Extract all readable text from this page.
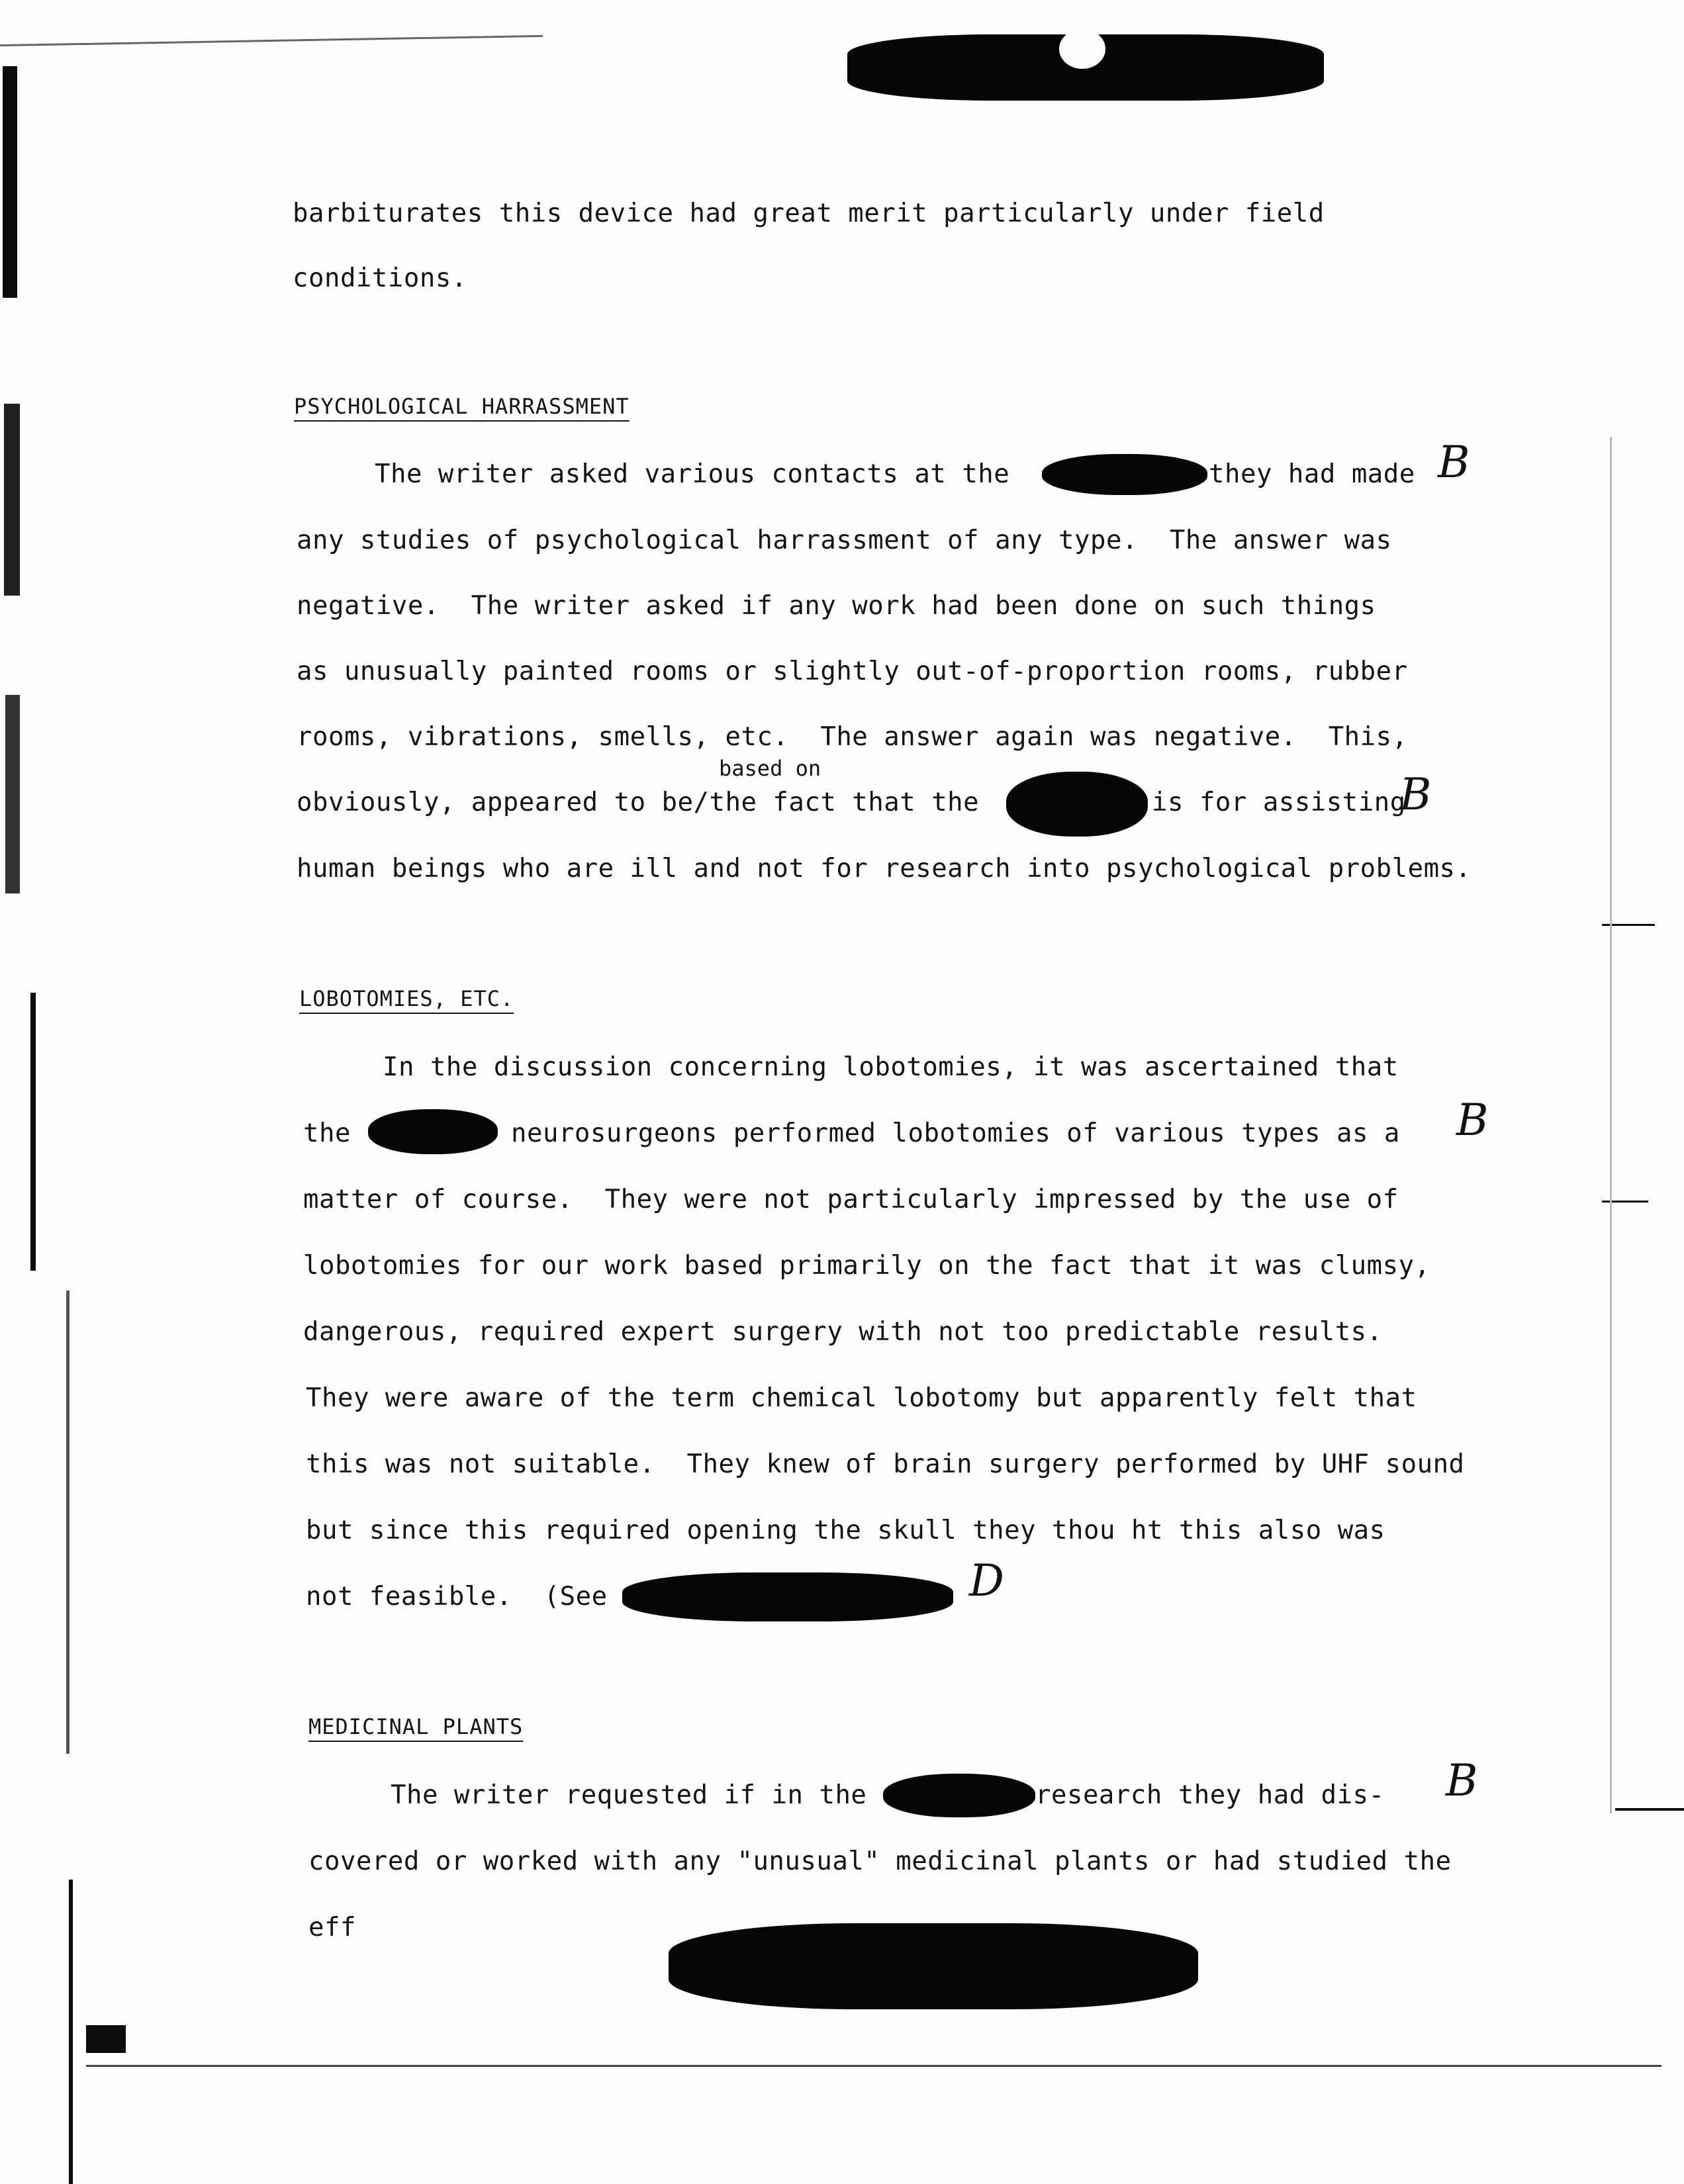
barbiturates this device had great merit particularly under field
conditions.
PSYCHOLOGICAL HARRASSMENT
The writer asked various contacts at the	they had made
any studies of psychological harrassment of any type.  The answer was
negative.  The writer asked if any work had been done on such things
as unusually painted rooms or slightly out-of-proportion rooms, rubber
rooms, vibrations, smells, etc.  The answer again was negative.  This,
based on
obviously, appeared to be/the fact that the	is for assisting
human beings who are ill and not for research into psychological problems.
LOBOTOMIES, ETC.
In the discussion concerning lobotomies, it was ascertained that
the	neurosurgeons performed lobotomies of various types as a
matter of course.  They were not particularly impressed by the use of
lobotomies for our work based primarily on the fact that it was clumsy,
dangerous, required expert surgery with not too predictable results.
They were aware of the term chemical lobotomy but apparently felt that
this was not suitable.  They knew of brain surgery performed by UHF sound
but since this required opening the skull they thou ht this also was
not feasible.  (See
MEDICINAL PLANTS
The writer requested if in the	research they had dis-
covered or worked with any "unusual" medicinal plants or had studied the
eff
B
B
B
D
B
